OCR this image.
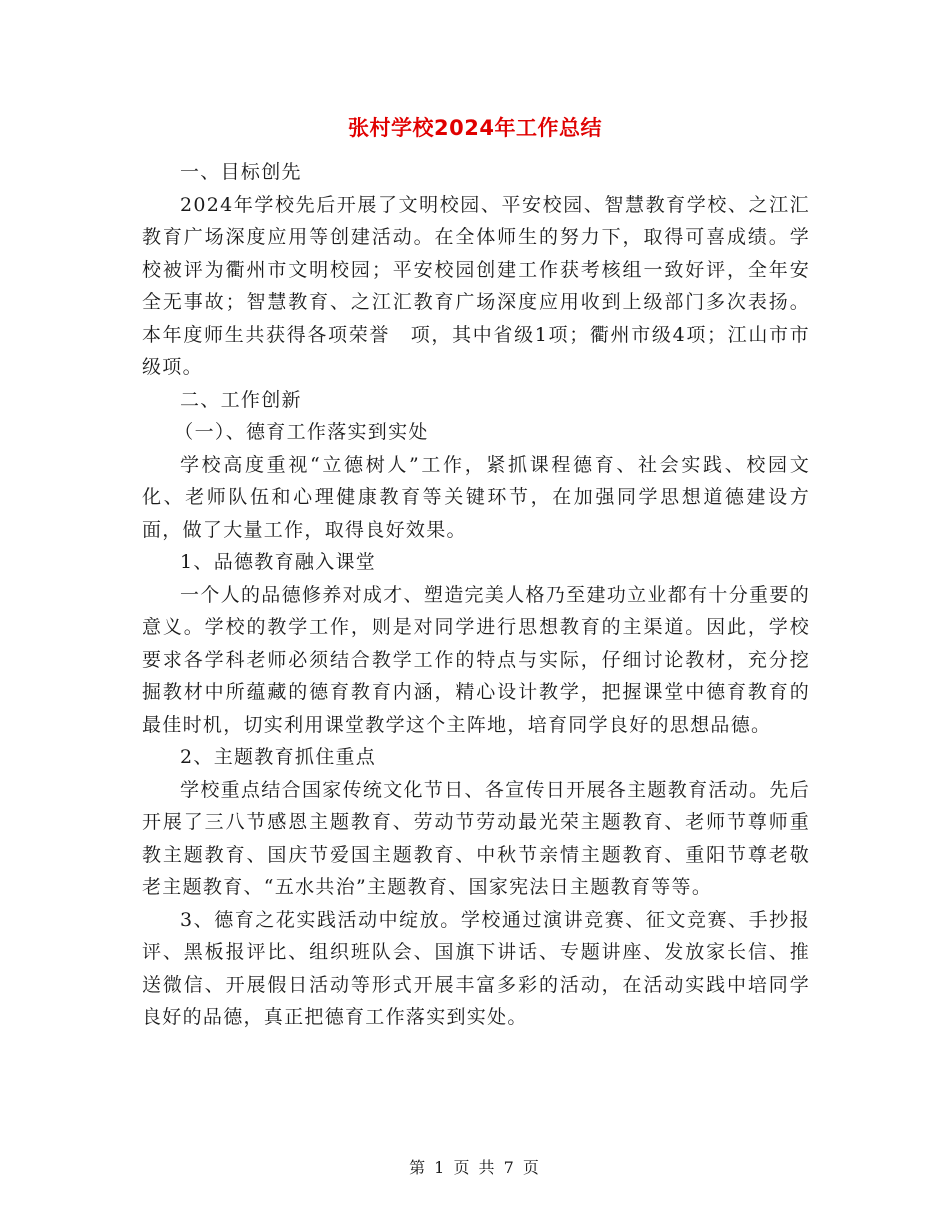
张村学校2024年工作总结

一、目标创先

2024年学校先后开展了文明校园、平安校园、智慧教育学校、之江汇教育广场深度应用等创建活动。在全体师生的努力下，取得可喜成绩。学校被评为衢州市文明校园；平安校园创建工作获考核组一致好评，全年安全无事故；智慧教育、之江汇教育广场深度应用收到上级部门多次表扬。本年度师生共获得各项荣誉　项，其中省级1项；衢州市级4项；江山市市级项。

二、工作创新

（一）、德育工作落实到实处

学校高度重视“立德树人”工作，紧抓课程德育、社会实践、校园文化、老师队伍和心理健康教育等关键环节，在加强同学思想道德建设方面，做了大量工作，取得良好效果。

1、品德教育融入课堂

一个人的品德修养对成才、塑造完美人格乃至建功立业都有十分重要的意义。学校的教学工作，则是对同学进行思想教育的主渠道。因此，学校要求各学科老师必须结合教学工作的特点与实际，仔细讨论教材，充分挖掘教材中所蕴藏的德育教育内涵，精心设计教学，把握课堂中德育教育的最佳时机，切实利用课堂教学这个主阵地，培育同学良好的思想品德。

2、主题教育抓住重点

学校重点结合国家传统文化节日、各宣传日开展各主题教育活动。先后开展了三八节感恩主题教育、劳动节劳动最光荣主题教育、老师节尊师重教主题教育、国庆节爱国主题教育、中秋节亲情主题教育、重阳节尊老敬老主题教育、“五水共治”主题教育、国家宪法日主题教育等等。

3、德育之花实践活动中绽放。学校通过演讲竞赛、征文竞赛、手抄报评、黑板报评比、组织班队会、国旗下讲话、专题讲座、发放家长信、推送微信、开展假日活动等形式开展丰富多彩的活动，在活动实践中培同学良好的品德，真正把德育工作落实到实处。

第 1 页 共 7 页
